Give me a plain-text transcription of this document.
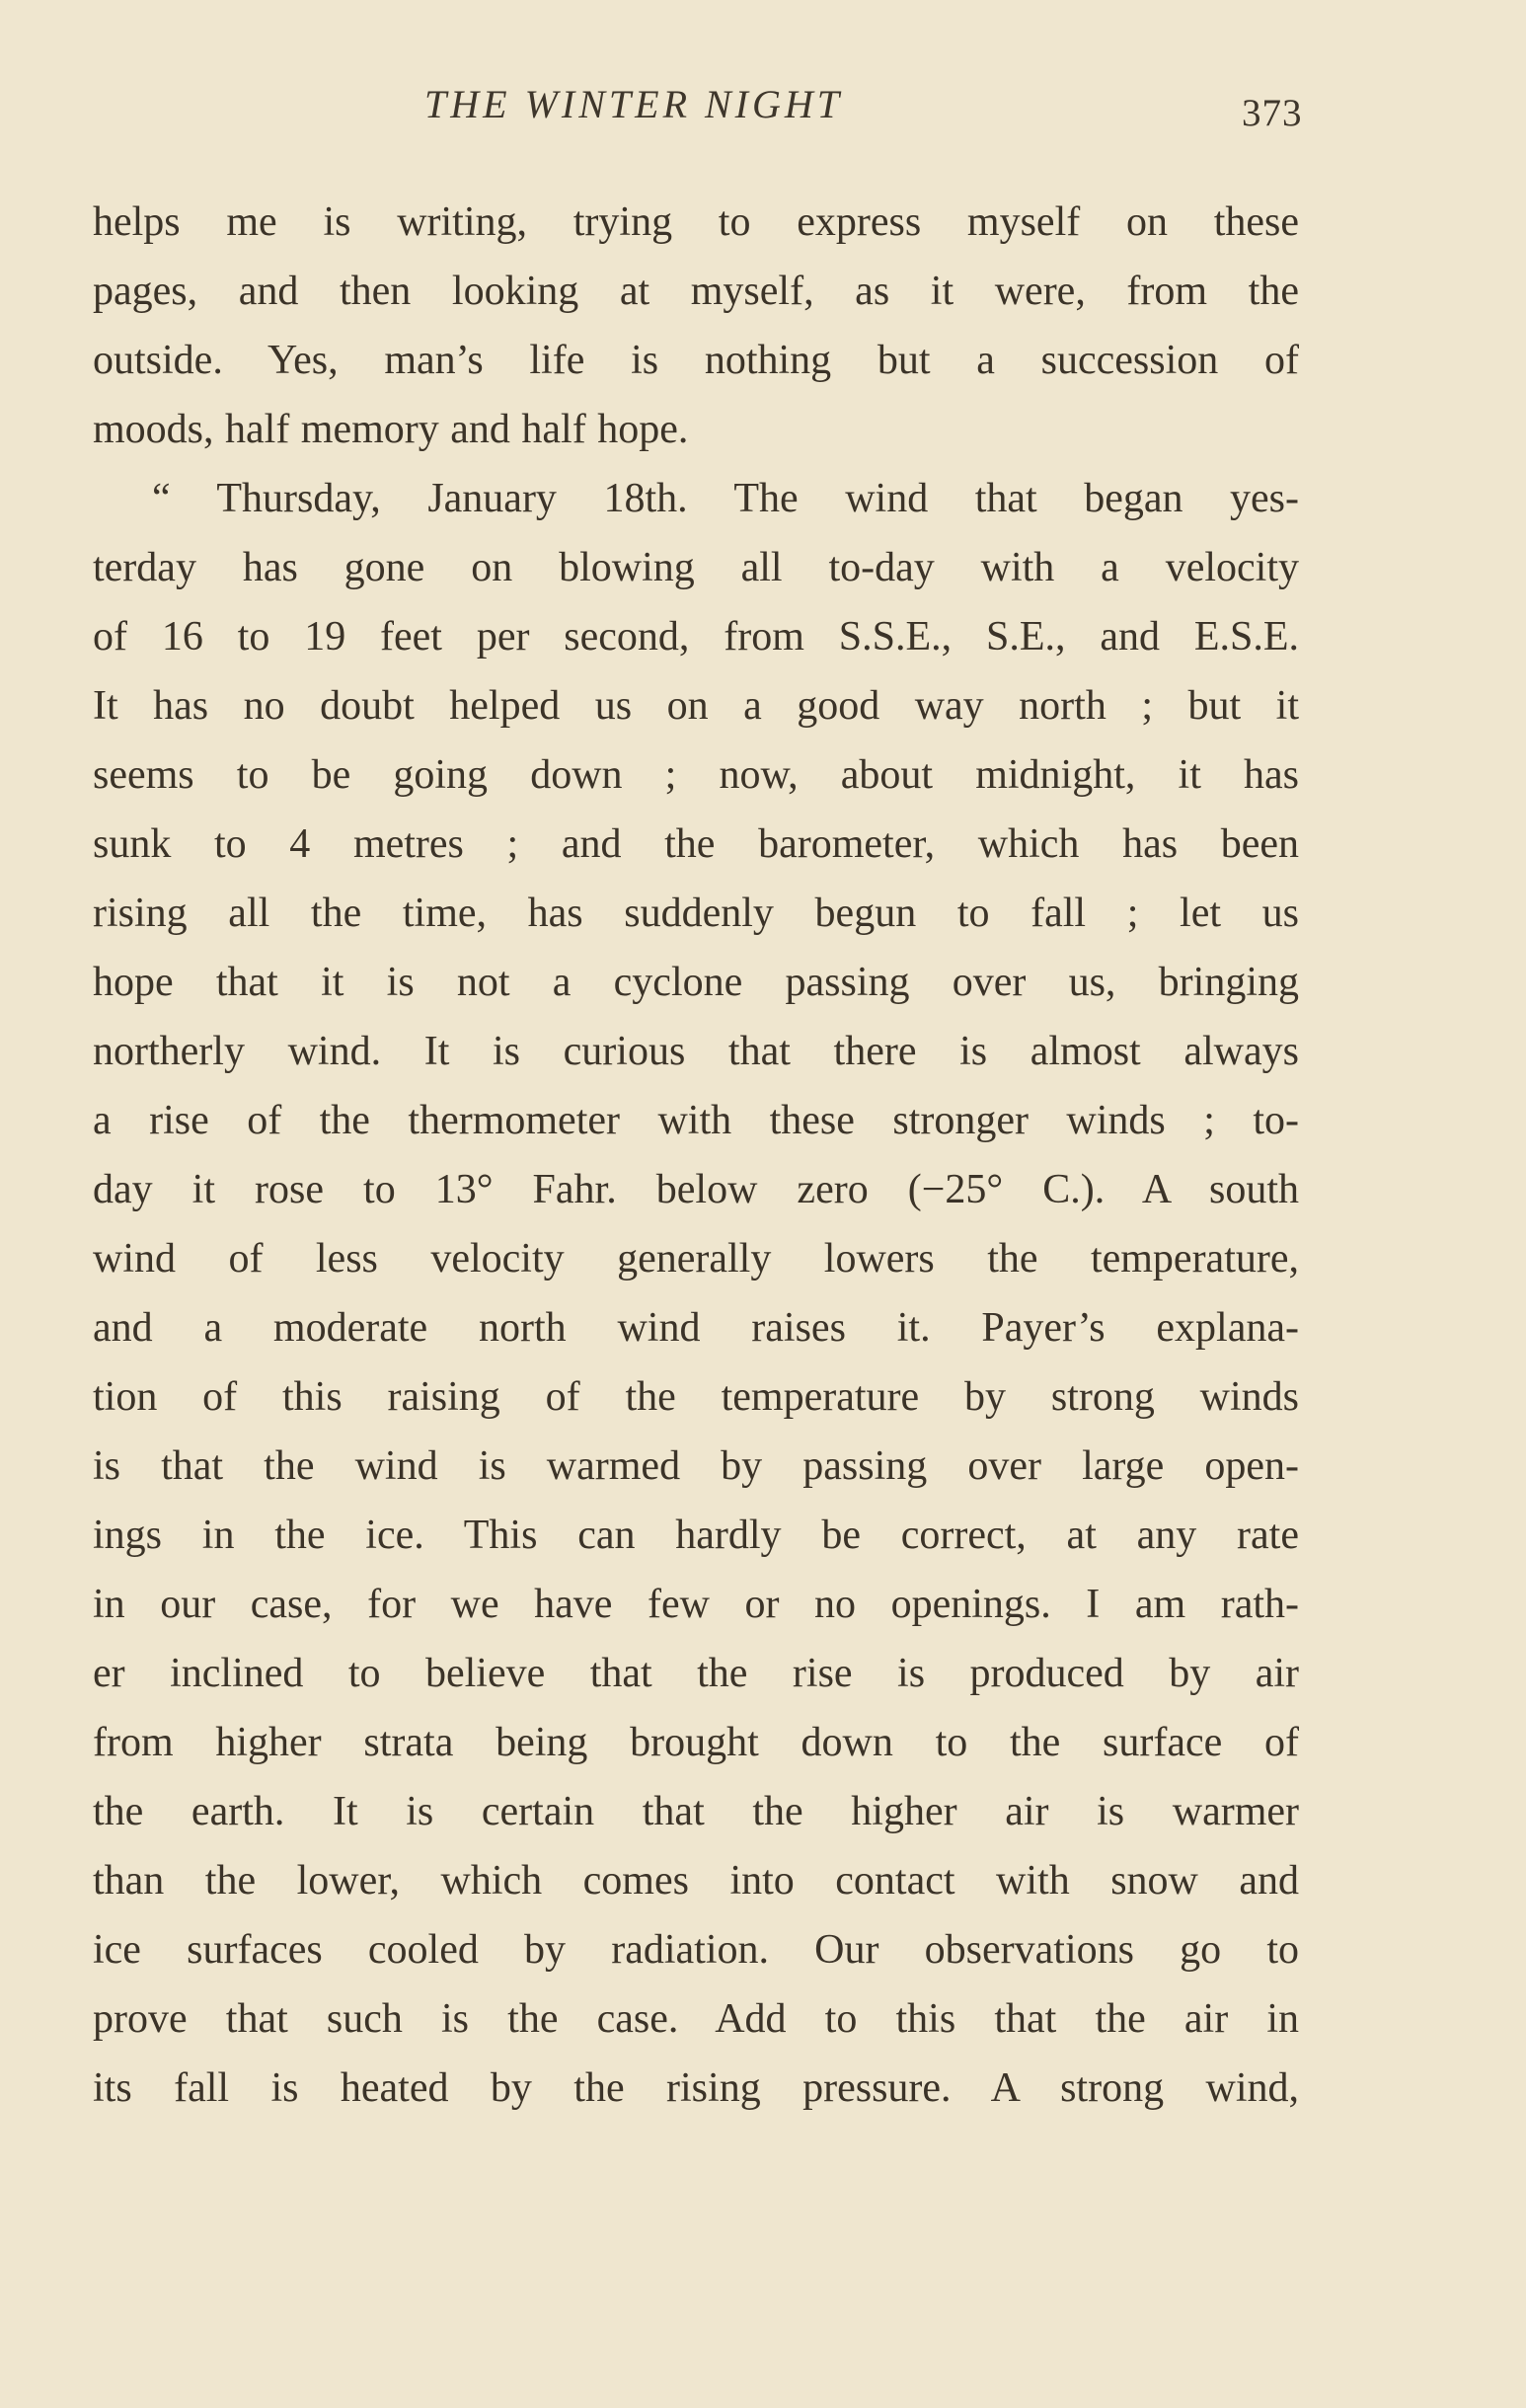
THE WINTER NIGHT	373
helps me is writing, trying to express myself on these
pages, and then looking at myself, as it were, from the
outside. Yes, man’s life is nothing but a succession of
moods, half memory and half hope.
“ Thursday, January 18th. The wind that began yes-
terday has gone on blowing all to-day with a velocity
of 16 to 19 feet per second, from S.S.E., S.E., and E.S.E.
It has no doubt helped us on a good way north ; but it
seems to be going down ; now, about midnight, it has
sunk to 4 metres ; and the barometer, which has been
rising all the time, has suddenly begun to fall ; let us
hope that it is not a cyclone passing over us, bringing
northerly wind. It is curious that there is almost always
a rise of the thermometer with these stronger winds ; to-
day it rose to 13° Fahr. below zero (−25° C.). A south
wind of less velocity generally lowers the temperature,
and a moderate north wind raises it. Payer’s explana-
tion of this raising of the temperature by strong winds
is that the wind is warmed by passing over large open-
ings in the ice. This can hardly be correct, at any rate
in our case, for we have few or no openings. I am rath-
er inclined to believe that the rise is produced by air
from higher strata being brought down to the surface of
the earth. It is certain that the higher air is warmer
than the lower, which comes into contact with snow and
ice surfaces cooled by radiation. Our observations go to
prove that such is the case. Add to this that the air in
its fall is heated by the rising pressure. A strong wind,
